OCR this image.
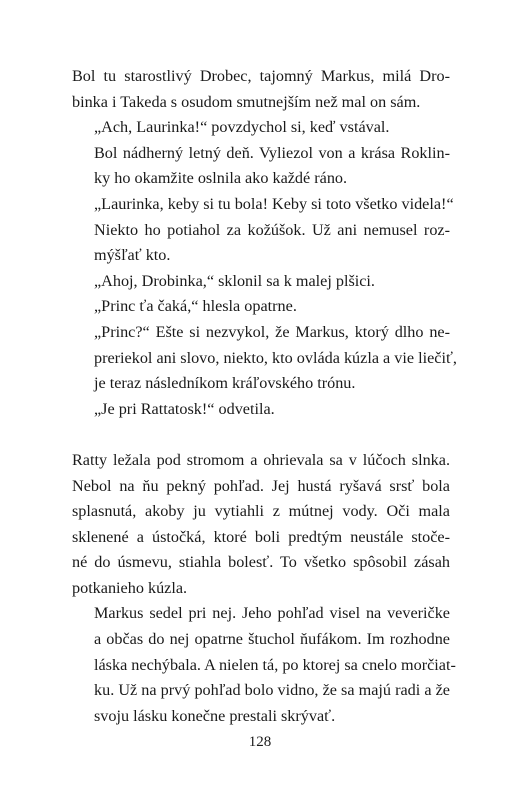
Bol tu starostlivý Drobec, tajomný Markus, milá Dro-
binka i Takeda s osudom smutnejším než mal on sám.

„Ach, Laurinka!“ povzdychol si, keď vstával.

Bol nádherný letný deň. Vyliezol von a krása Roklin-
ky ho okamžite oslnila ako každé ráno.

„Laurinka, keby si tu bola! Keby si toto všetko videla!“

Niekto ho potiahol za kožúšok. Už ani nemusel roz-
mýšľať kto.

„Ahoj, Drobinka,“ sklonil sa k malej plšici.

„Princ ťa čaká,“ hlesla opatrne.

„Princ?“ Ešte si nezvykol, že Markus, ktorý dlho ne-
preriekol ani slovo, niekto, kto ovláda kúzla a vie liečiť,
je teraz následníkom kráľovského trónu.

„Je pri Rattatosk!“ odvetila.

Ratty ležala pod stromom a ohrievala sa v lúčoch slnka.
Nebol na ňu pekný pohľad. Jej hustá ryšavá srsť bola
splasnutá, akoby ju vytiahli z mútnej vody. Oči mala
sklenené a ústočká, ktoré boli predtým neustále stoče-
né do úsmevu, stiahla bolesť. To všetko spôsobil zásah
potkanieho kúzla.

Markus sedel pri nej. Jeho pohľad visel na veveričke
a občas do nej opatrne štuchol ňufákom. Im rozhodne
láska nechýbala. A nielen tá, po ktorej sa cnelo morčiat-
ku. Už na prvý pohľad bolo vidno, že sa majú radi a že
svoju lásku konečne prestali skrývať.

128
